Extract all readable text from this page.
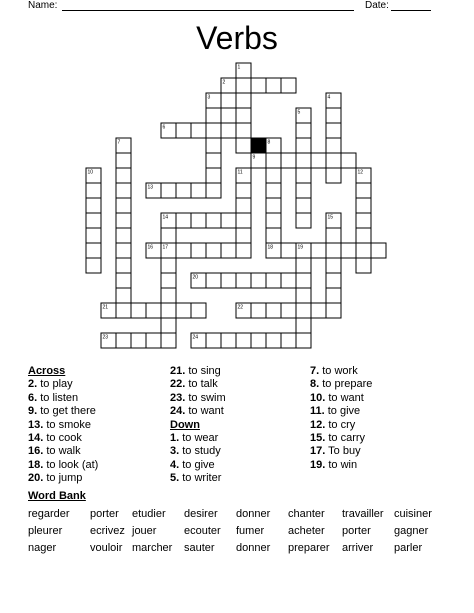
Name:	Date:
Verbs
1
2
3	4
5
6
7	8
9
10	11	12
13
14	15
16 17	18	19
20
21	22
23	24
Across
2. to play
6. to listen
9. to get there
13. to smoke
14. to cook
16. to walk
18. to look (at)
20. to jump
21. to sing
22. to talk
23. to swim
24. to want
Down
1. to wear
3. to study
4. to give
5. to writer
7. to work
8. to prepare
10. to want
11. to give
12. to cry
15. to carry
17. To buy
19. to win
Word Bank
regarder porter etudier desirer donner chanter travailler cuisiner
pleurer	ecrivez jouer	ecouter fumer acheter porter gagner
nager	vouloir marcher sauter donner preparer arriver parler
